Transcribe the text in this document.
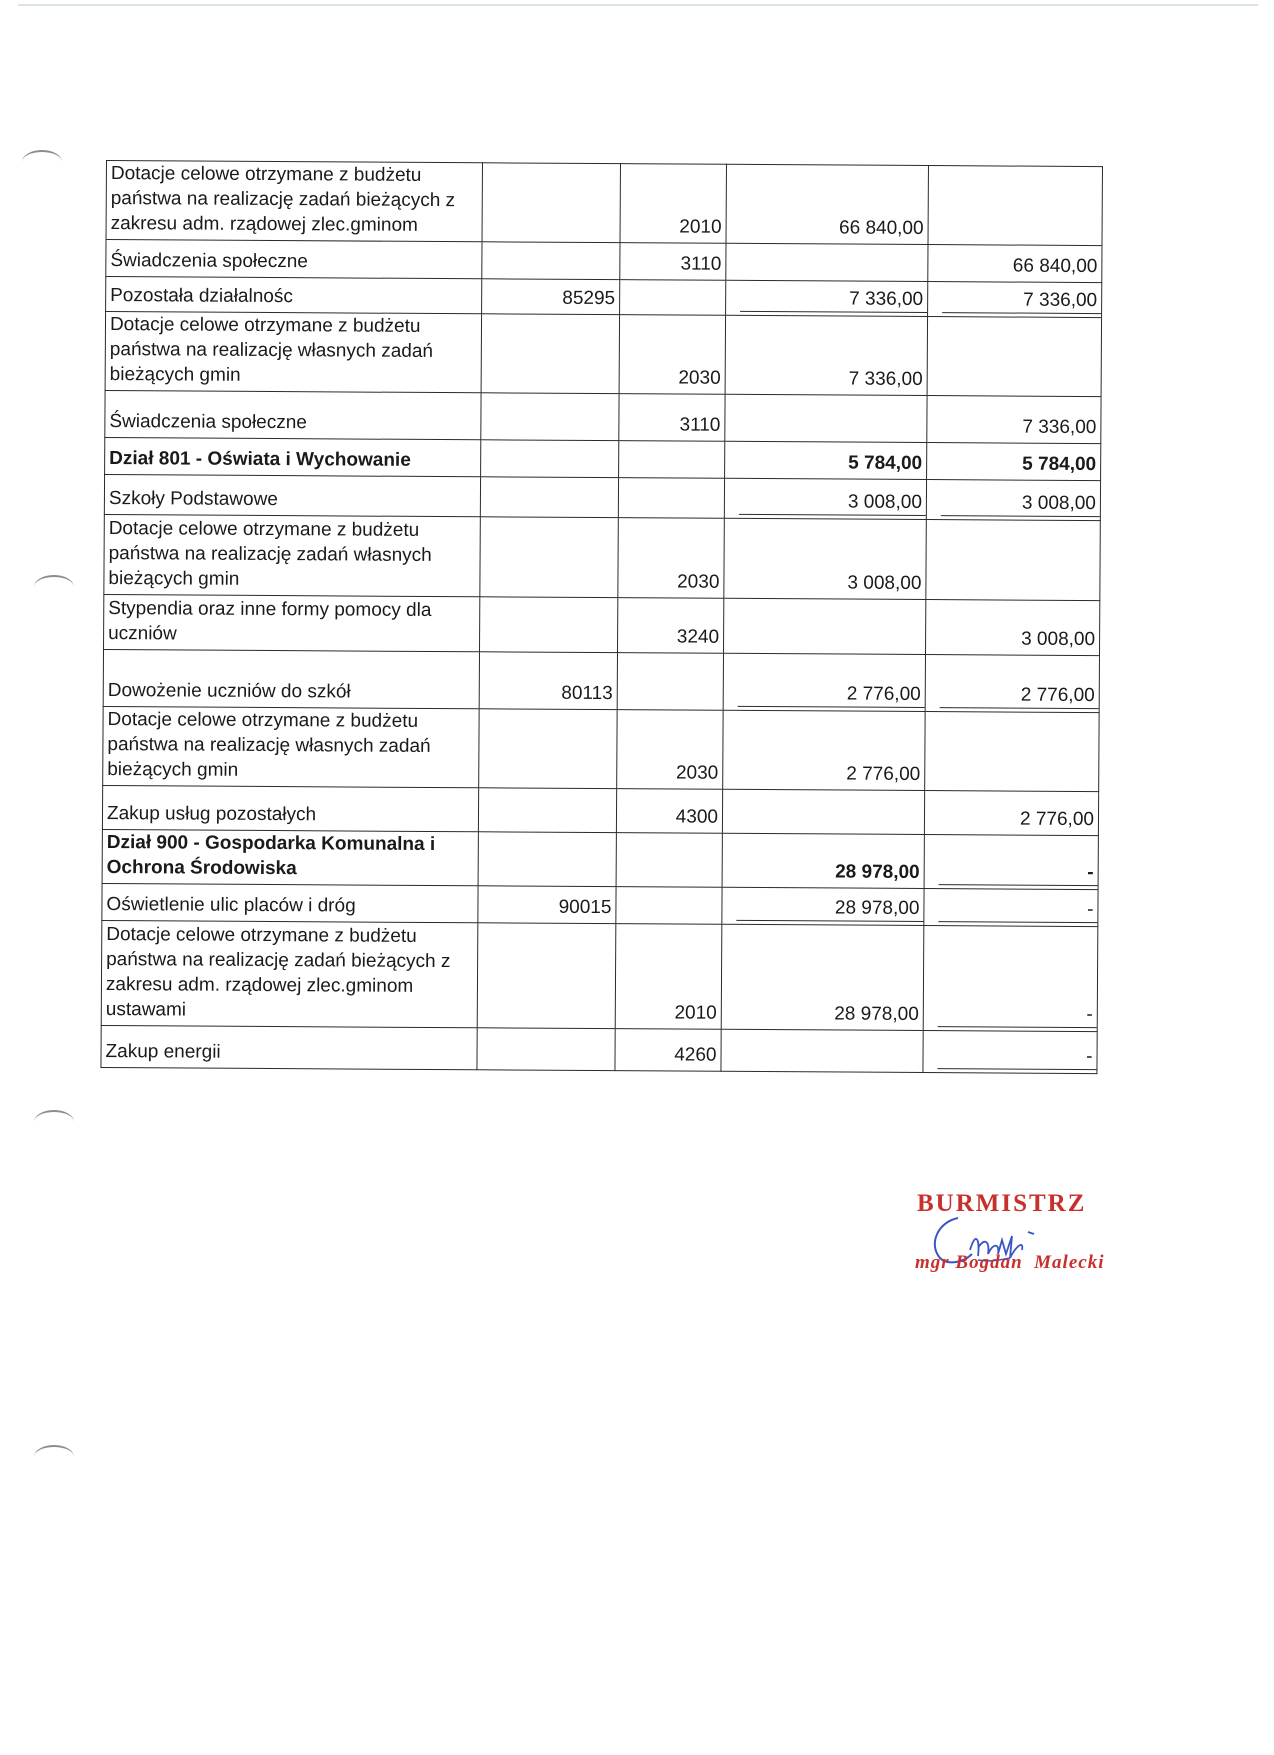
Dotacje celowe otrzymane z budżetu państwa na realizację zadań bieżących z zakresu adm. rządowej zlec.gminom		2010	66 840,00	
Świadczenia społeczne		3110		66 840,00
Pozostała działalnośc	85295		7 336,00	7 336,00

Dotacje celowe otrzymane z budżetu państwa na realizację własnych zadań bieżących gmin		2030	7 336,00	
Świadczenia społeczne		3110		7 336,00
Dział 801 - Oświata i Wychowanie			5 784,00	5 784,00
Szkoły Podstawowe			3 008,00	3 008,00

Dotacje celowe otrzymane z budżetu państwa na realizację zadań własnych bieżących gmin		2030	3 008,00	
Stypendia oraz inne formy pomocy dla uczniów		3240		3 008,00
Dowożenie uczniów do szkół	80113		2 776,00	2 776,00

Dotacje celowe otrzymane z budżetu państwa na realizację własnych zadań bieżących gmin		2030	2 776,00	
Zakup usług pozostałych		4300		2 776,00
Dział 900 - Gospodarka Komunalna i Ochrona Środowiska			28 978,00	-

Oświetlenie ulic placów i dróg	90015		28 978,00	-

Dotacje celowe otrzymane z budżetu państwa na realizację zadań bieżących z zakresu adm. rządowej zlec.gminom ustawami		2010	28 978,00	-

Zakup energii		4260		-
BURMISTRZ
mgr Bogdan  Malecki
